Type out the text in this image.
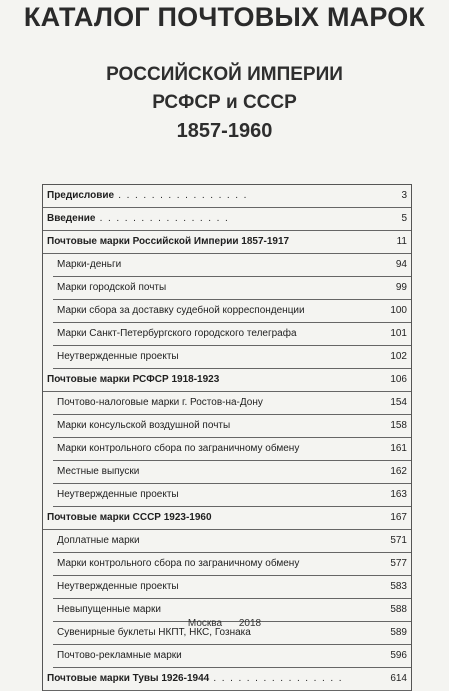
КАТАЛОГ ПОЧТОВЫХ МАРОК
РОССИЙСКОЙ ИМПЕРИИ
РСФСР и СССР
1857-1960
Предисловие . . .	3
Введение . . .	5
Почтовые марки Российской Империи 1857-1917	11
Марки-деньги	94
Марки городской почты	99
Марки сбора за доставку судебной корреспонденции	100
Марки Санкт-Петербургского городского телеграфа	101
Неутвержденные проекты	102
Почтовые марки РСФСР 1918-1923	106
Почтово-налоговые марки г. Ростов-на-Дону	154
Марки консульской воздушной почты	158
Марки контрольного сбора по заграничному обмену	161
Местные выпуски	162
Неутвержденные проекты	163
Почтовые марки СССР 1923-1960	167
Доплатные марки	571
Марки контрольного сбора по заграничному обмену	577
Неутвержденные проекты	583
Невыпущенные марки	588
Сувенирные буклеты НКПТ, НКС, Гознака	589
Почтово-рекламные марки	596
Почтовые марки Тувы 1926-1944 . . .	614
Москва 2018
